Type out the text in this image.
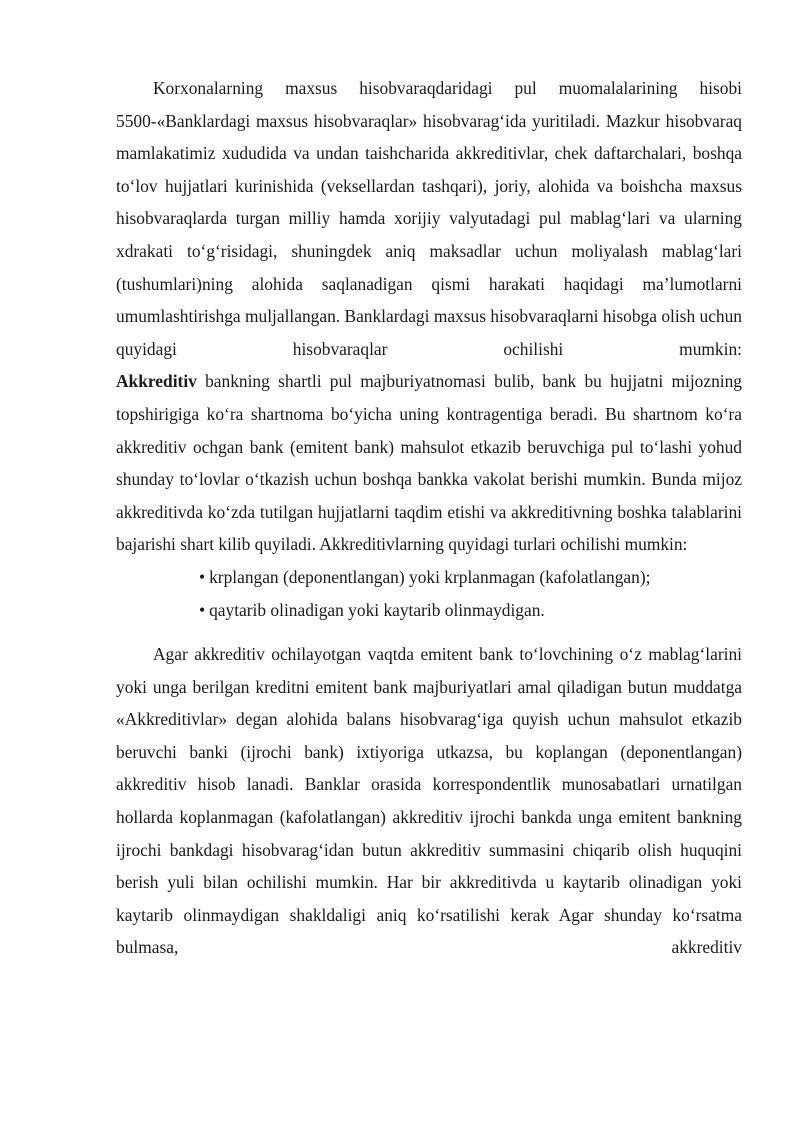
Korxonalarning maxsus hisobvaraqdaridagi pul muomalalarining hisobi 5500-«Banklardagi maxsus hisobvaraqlar» hisobvarag‘ida yuritiladi. Mazkur hisobvaraq mamlakatimiz xududida va undan taishcharida akkreditivlar, chek daftarchalari, boshqa to‘lov hujjatlari kurinishida (veksellardan tashqari), joriy, alohida va boishcha maxsus hisobvaraqlarda turgan milliy hamda xorijiy valyutadagi pul mablag‘lari va ularning xdrakati to‘g‘risidagi, shuningdek aniq maksadlar uchun moliyalash mablag‘lari (tushumlari)ning alohida saqlanadigan qismi harakati haqidagi ma’lumotlarni umumlashtirishga muljallangan. Banklardagi maxsus hisobvaraqlarni hisobga olish uchun quyidagi hisobvaraqlar ochilishi mumkin:

Akkreditiv bankning shartli pul majburiyatnomasi bulib, bank bu hujjatni mijozning topshirigiga ko‘ra shartnoma bo‘yicha uning kontragentiga beradi. Bu shartnom ko‘ra akkreditiv ochgan bank (emitent bank) mahsulot etkazib beruvchiga pul to‘lashi yohud shunday to‘lovlar o‘tkazish uchun boshqa bankka vakolat berishi mumkin. Bunda mijoz akkreditivda ko‘zda tutilgan hujjatlarni taqdim etishi va akkreditivning boshka talablarini bajarishi shart kilib quyiladi. Akkreditivlarning quyidagi turlari ochilishi mumkin:

• krplangan (deponentlangan) yoki krplanmagan (kafolatlangan);
• qaytarib olinadigan yoki kaytarib olinmaydigan.

Agar akkreditiv ochilayotgan vaqtda emitent bank to‘lovchining o‘z mablag‘larini yoki unga berilgan kreditni emitent bank majburiyatlari amal qiladigan butun muddatga «Akkreditivlar» degan alohida balans hisobvarag‘iga quyish uchun mahsulot etkazib beruvchi banki (ijrochi bank) ixtiyoriga utkazsa, bu koplangan (deponentlangan) akkreditiv hisob lanadi. Banklar orasida korrespondentlik munosabatlari urnatilgan hollarda koplanmagan (kafolatlangan) akkreditiv ijrochi bankda unga emitent bankning ijrochi bankdagi hisobvarag‘idan butun akkreditiv summasini chiqarib olish huquqini berish yuli bilan ochilishi mumkin. Har bir akkreditivda u kaytarib olinadigan yoki kaytarib olinmaydigan shakldaligi aniq ko‘rsatilishi kerak Agar shunday ko‘rsatma bulmasa, akkreditiv
